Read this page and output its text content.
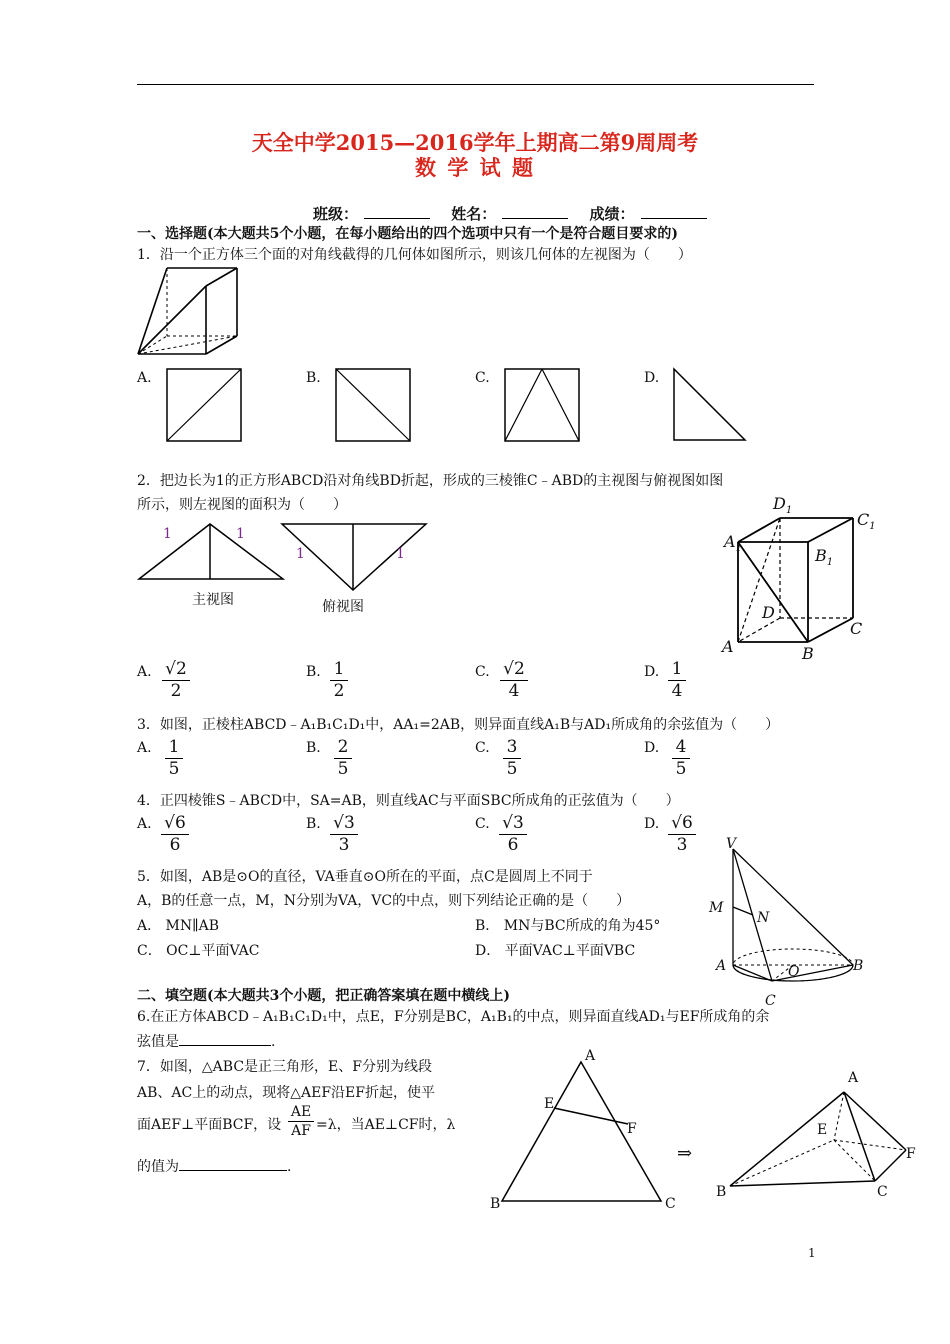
天全中学2015—2016学年上期高二第9周周考
数 学 试 题
班级：	姓名：	成绩：
一、选择题(本大题共5个小题，在每小题给出的四个选项中只有一个是符合题目要求的)
1．沿一个正方体三个面的对角线截得的几何体如图所示，则该几何体的左视图为（　　）
A.	B.	C.	D.
2．把边长为1的正方形ABCD沿对角线BD折起，形成的三棱锥C﹣ABD的主视图与俯视图如图
所示，则左视图的面积为（　　）
1	1
主视图
1	1
俯视图
$D_1$	$C_1$
$A_1$	$B_1$
D
C
A	B
A. √2
2
B. 1
2
C. √2
4
D. 1
4
3．如图，正棱柱ABCD﹣A₁B₁C₁D₁中，AA₁=2AB，则异面直线A₁B与AD₁所成角的余弦值为（　　）
A. 1
5
B. 2
5
C. 3
5
D. 4
5
4．正四棱锥S﹣ABCD中，SA=AB，则直线AC与平面SBC所成角的正弦值为（　　）
A. √6
6
B. √3
3
C. √3
6
D. √6
3
5．如图，AB是⊙O的直径，VA垂直⊙O所在的平面，点C是圆周上不同于
A，B的任意一点，M，N分别为VA，VC的中点，则下列结论正确的是（　　）
A． MN∥AB	B． MN与BC所成的角为45°
C． OC⊥平面VAC	D． 平面VAC⊥平面VBC
V
M
N
A	O	B
C
二、填空题(本大题共3个小题，把正确答案填在题中横线上)
6.在正方体ABCD﹣A₁B₁C₁D₁中，点E，F分别是BC，A₁B₁的中点，则异面直线AD₁与EF所成角的余
弦值是	.
7．如图，△ABC是正三角形，E、F分别为线段
AB、AC上的动点，现将△AEF沿EF折起，使平
面AEF⊥平面BCF，设
AE
AF =λ，当AE⊥CF时，λ
的值为	.
A
E
F
B	C
⇒
A
E
F
B	C
1
